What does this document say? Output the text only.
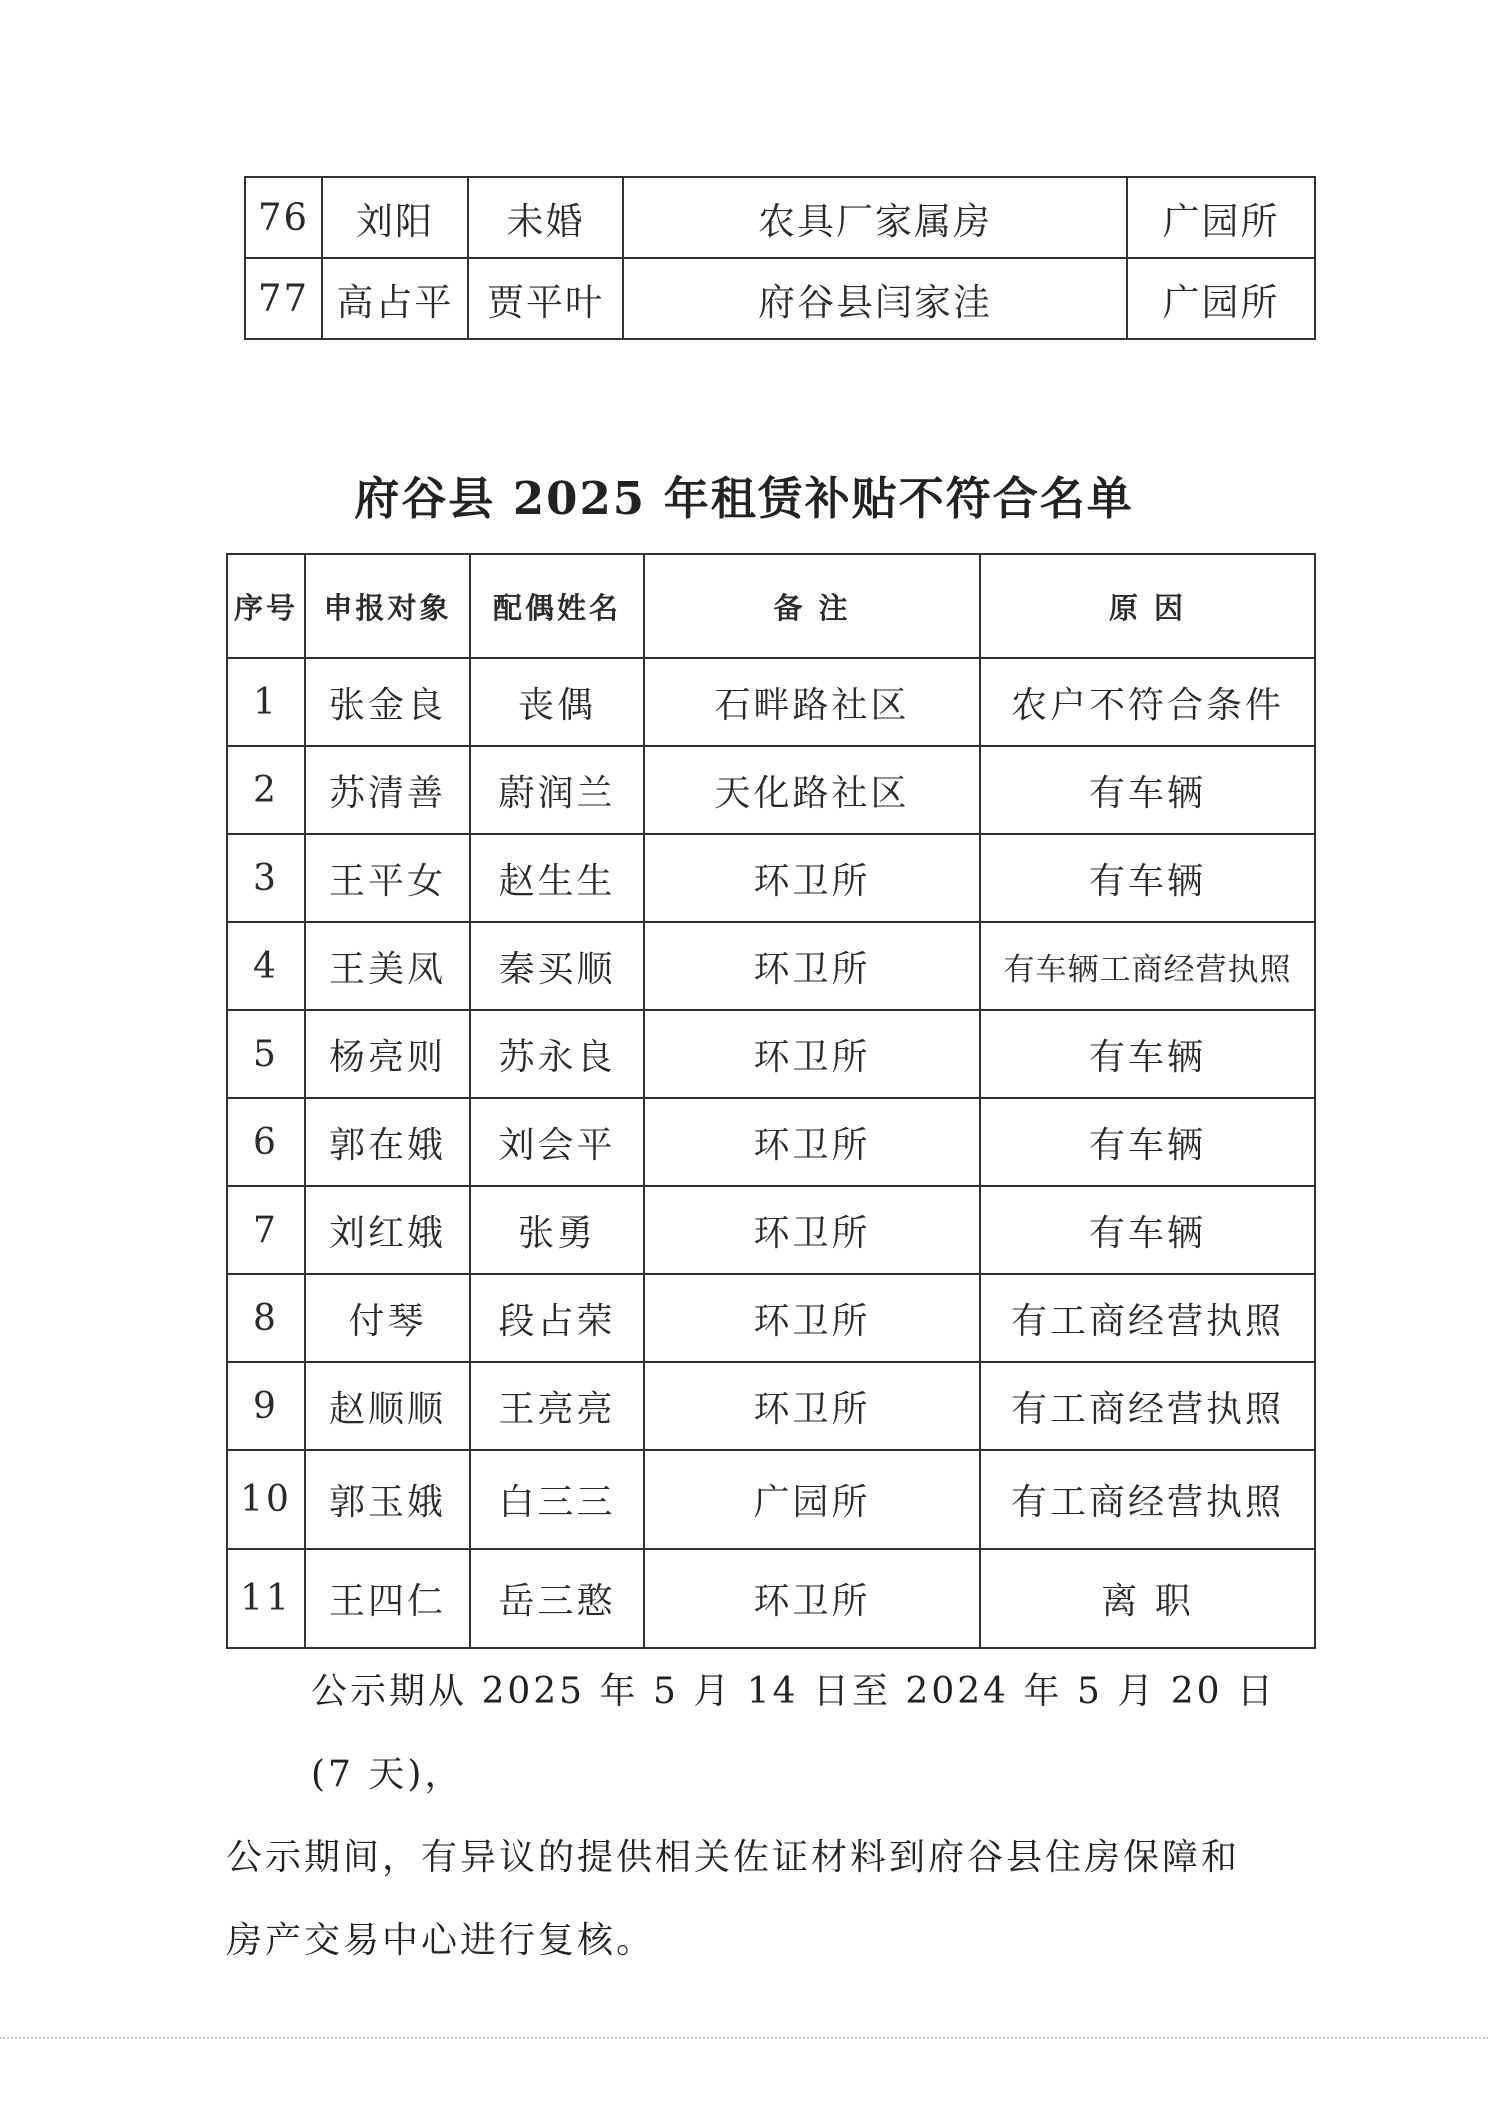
76	刘阳	未婚	农具厂家属房	广园所
77	高占平	贾平叶	府谷县闫家洼	广园所
府谷县 2025 年租赁补贴不符合名单
序号	申报对象	配偶姓名	备 注	原 因
1	张金良	丧偶	石畔路社区	农户不符合条件
2	苏清善	蔚润兰	天化路社区	有车辆
3	王平女	赵生生	环卫所	有车辆
4	王美凤	秦买顺	环卫所	有车辆工商经营执照
5	杨亮则	苏永良	环卫所	有车辆
6	郭在娥	刘会平	环卫所	有车辆
7	刘红娥	张勇	环卫所	有车辆
8	付琴	段占荣	环卫所	有工商经营执照
9	赵顺顺	王亮亮	环卫所	有工商经营执照
10	郭玉娥	白三三	广园所	有工商经营执照
11	王四仁	岳三憨	环卫所	离 职

公示期从 2025 年 5 月 14 日至 2024 年 5 月 20 日(7 天)，

公示期间，有异议的提供相关佐证材料到府谷县住房保障和

房产交易中心进行复核。
